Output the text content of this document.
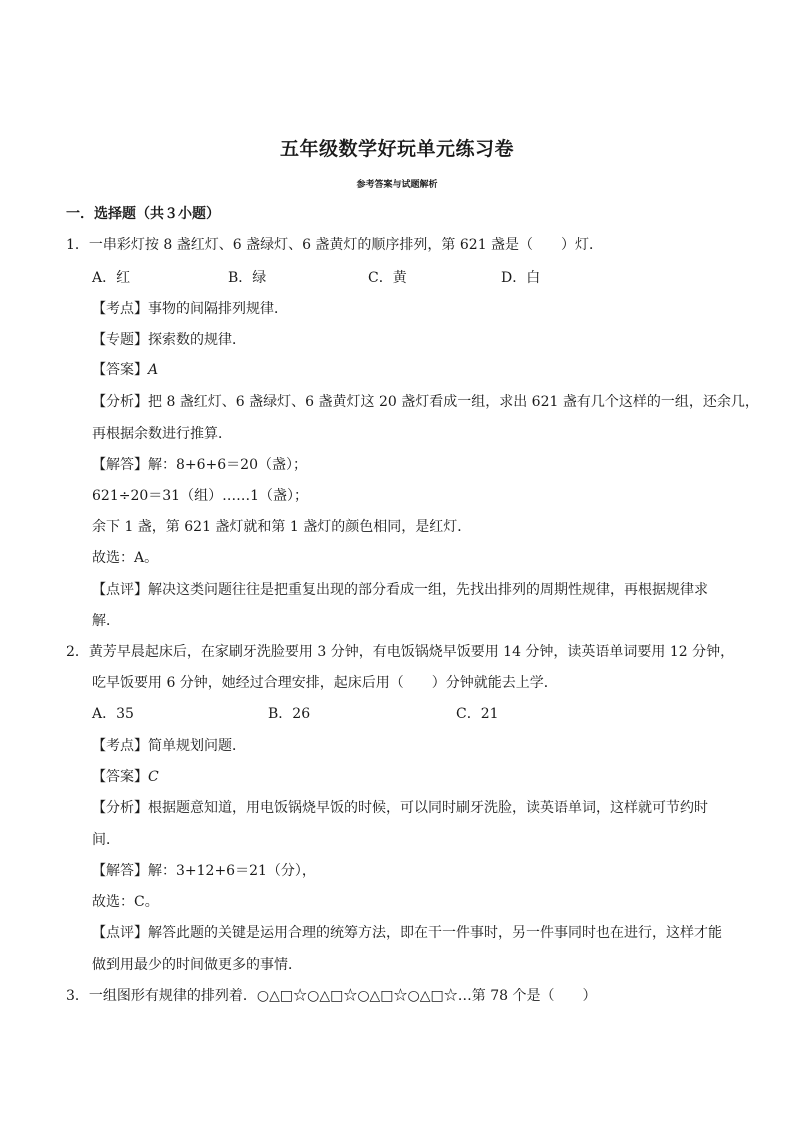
五年级数学好玩单元练习卷
参考答案与试题解析
一．选择题（共３小题）
1．一串彩灯按 8 盏红灯、6 盏绿灯、6 盏黄灯的顺序排列，第 621 盏是（　　）灯．
A．红	B．绿	C．黄	D．白
【考点】事物的间隔排列规律．
【专题】探索数的规律．
【答案】A
【分析】把 8 盏红灯、6 盏绿灯、6 盏黄灯这 20 盏灯看成一组，求出 621 盏有几个这样的一组，还余几，
再根据余数进行推算．
【解答】解：8+6+6＝20（盏）；
621÷20＝31（组）……1（盏）；
余下 1 盏，第 621 盏灯就和第 1 盏灯的颜色相同，是红灯．
故选：A。
【点评】解决这类问题往往是把重复出现的部分看成一组，先找出排列的周期性规律，再根据规律求
解．
2．黄芳早晨起床后，在家刷牙洗脸要用 3 分钟，有电饭锅烧早饭要用 14 分钟，读英语单词要用 12 分钟，
吃早饭要用 6 分钟，她经过合理安排，起床后用（　　）分钟就能去上学．
A．35	B．26	C．21
【考点】简单规划问题．
【答案】C
【分析】根据题意知道，用电饭锅烧早饭的时候，可以同时刷牙洗脸，读英语单词，这样就可节约时
间．
【解答】解：3+12+6＝21（分），
故选：C。
【点评】解答此题的关键是运用合理的统筹方法，即在干一件事时，另一件事同时也在进行，这样才能
做到用最少的时间做更多的事情．
3．一组图形有规律的排列着．○△□☆○△□☆○△□☆○△□☆…第 78 个是（　　）
